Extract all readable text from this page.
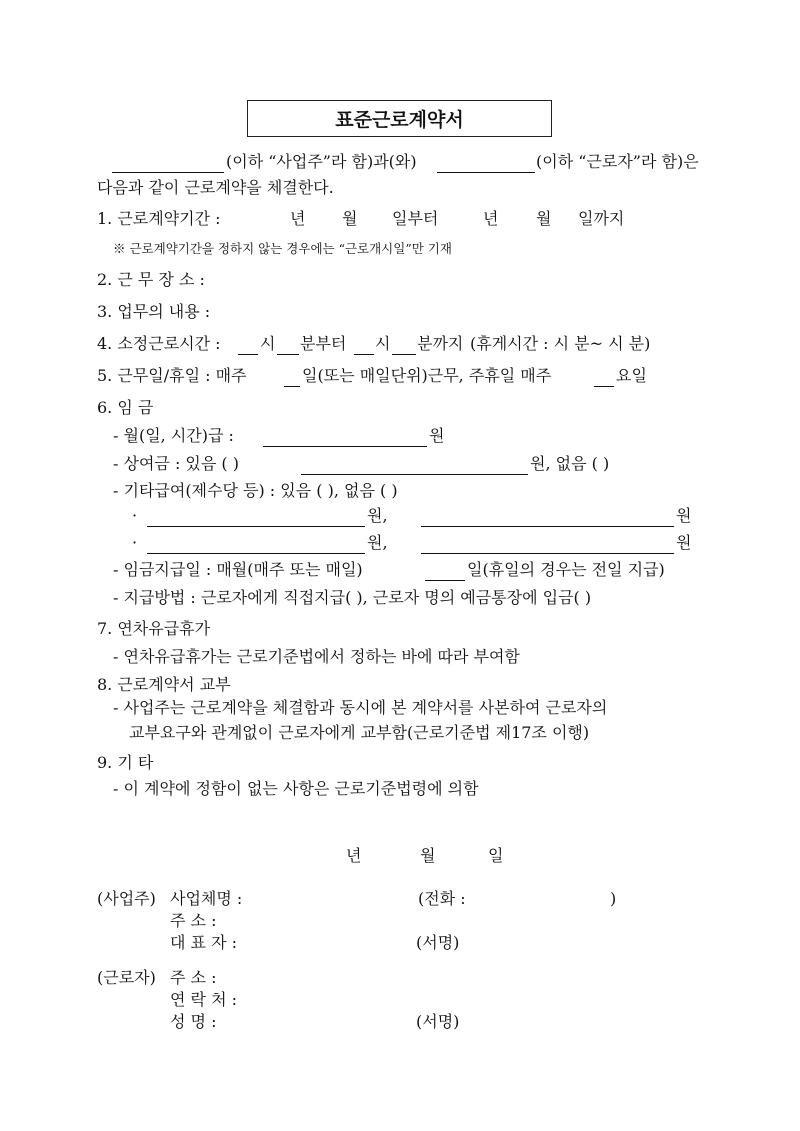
표준근로계약서
(이하 “사업주”라 함)과(와)	(이하 “근로자”라 함)은
다음과 같이 근로계약을 체결한다.
1. 근로계약기간 :	년 월 일부터	년 월 일까지
※ 근로계약기간을 정하지 않는 경우에는 “근로개시일”만 기재
2. 근 무 장 소 :
3. 업무의 내용 :
4. 소정근로시간 : 시 분부터 시 분까지 (휴게시간 : 시 분~ 시 분)
5. 근무일/휴일 : 매주	일(또는 매일단위)근무, 주휴일 매주	요일
6. 임 금
- 월(일, 시간)급 :	원
- 상여금 : 있음 ( )	원, 없음 ( )
- 기타급여(제수당 등) : 있음 ( ), 없음 ( )
·	원,	원
·	원,	원
- 임금지급일 : 매월(매주 또는 매일)	일(휴일의 경우는 전일 지급)
- 지급방법 : 근로자에게 직접지급( ), 근로자 명의 예금통장에 입금( )
7. 연차유급휴가
- 연차유급휴가는 근로기준법에서 정하는 바에 따라 부여함
8. 근로계약서 교부
- 사업주는 근로계약을 체결함과 동시에 본 계약서를 사본하여 근로자의
교부요구와 관계없이 근로자에게 교부함(근로기준법 제17조 이행)
9. 기 타
- 이 계약에 정함이 없는 사항은 근로기준법령에 의함
년	월	일
(사업주) 사업체명 :	(전화 :	)
주 소 :
대 표 자 :	(서명)
(근로자) 주 소 :
연 락 처 :
성 명 :	(서명)
